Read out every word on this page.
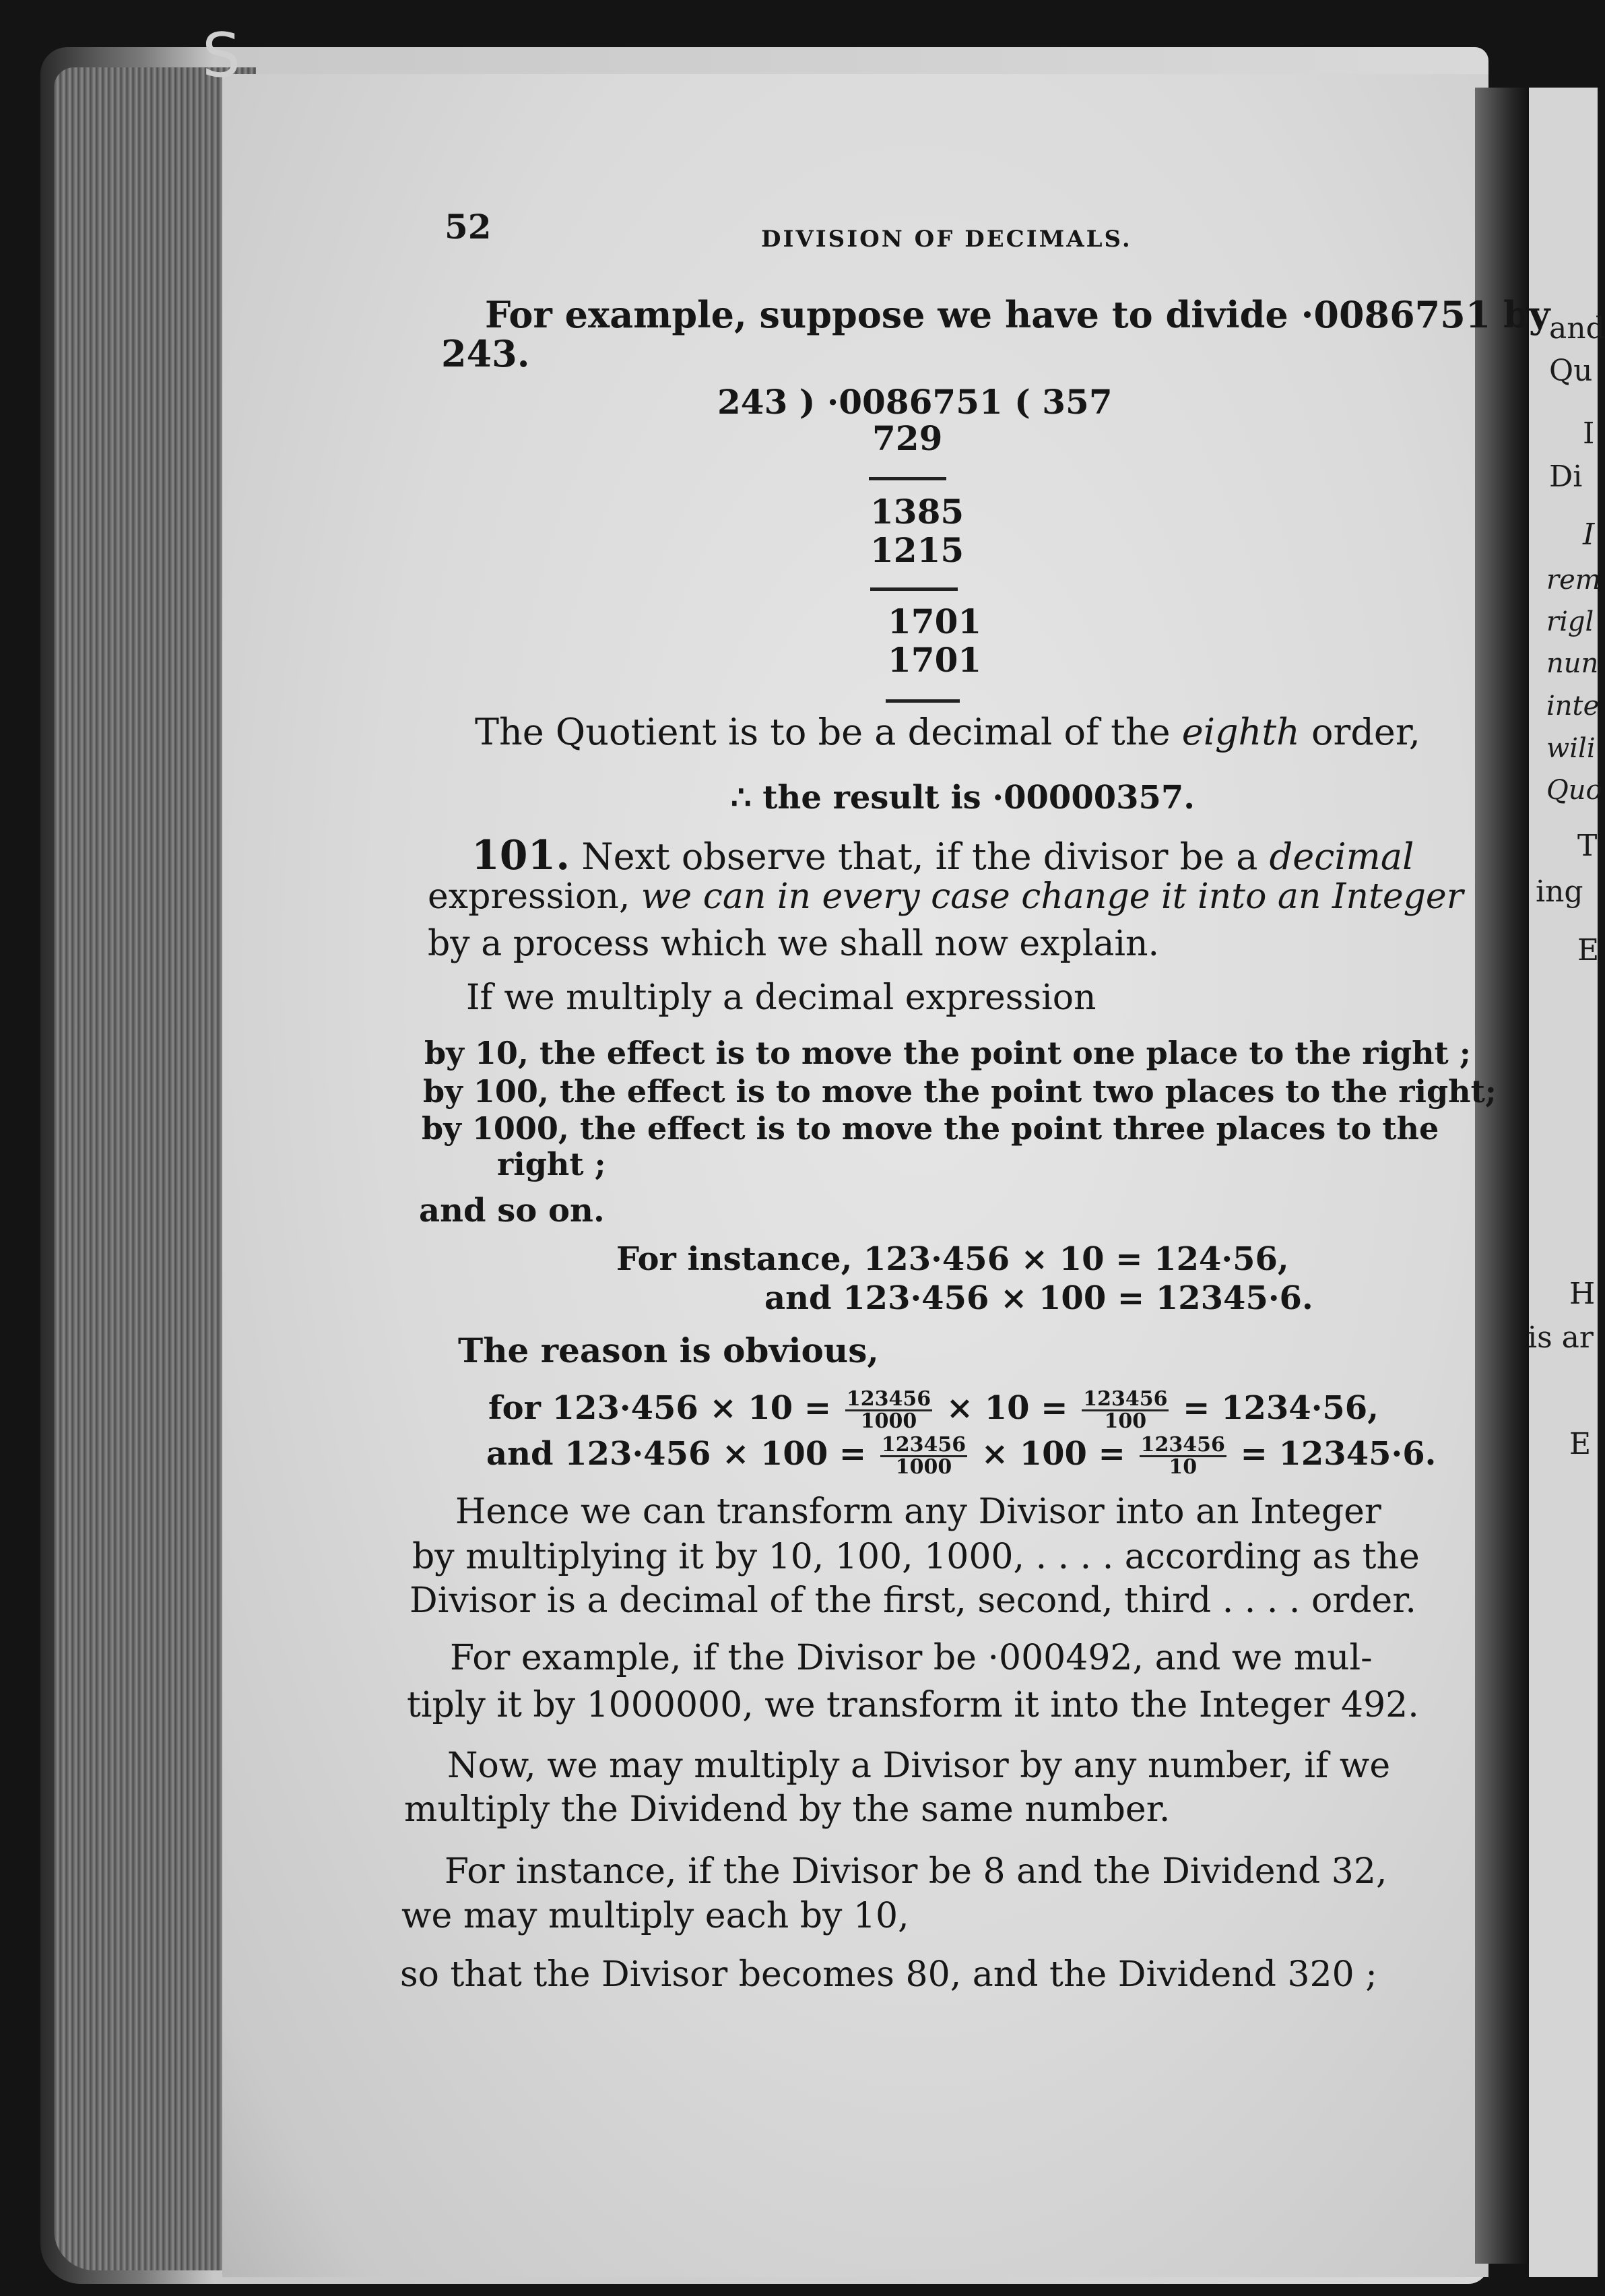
S
52	DIVISION OF DECIMALS.
For example, suppose we have to divide ·0086751 by
243.
243 ) ·0086751 ( 357
729
1385
1215
1701
1701
The Quotient is to be a decimal of the eighth order,
∴ the result is ·00000357.
101. Next observe that, if the divisor be a decimal
expression, we can in every case change it into an Integer
by a process which we shall now explain.
If we multiply a decimal expression
by 10, the effect is to move the point one place to the right ;
by 100, the effect is to move the point two places to the right;
by 1000, the effect is to move the point three places to the
right ;
and so on.
For instance, 123·456 × 10 = 124·56,
and 123·456 × 100 = 12345·6.
The reason is obvious,
for $123\cdot 456 \times 10 = \frac{123456}{1000} \times 10 = \frac{123456}{100} = 1234\cdot 56$,
and $123\cdot 456 \times 100 = \frac{123456}{1000} \times 100 = \frac{123456}{10} = 12345\cdot 6$.
Hence we can transform any Divisor into an Integer
by multiplying it by 10, 100, 1000, . . . . according as the
Divisor is a decimal of the first, second, third . . . . order.
For example, if the Divisor be ·000492, and we mul-
tiply it by 1000000, we transform it into the Integer 492.
Now, we may multiply a Divisor by any number, if we
multiply the Dividend by the same number.
For instance, if the Divisor be 8 and the Dividend 32,
we may multiply each by 10,
so that the Divisor becomes 80, and the Dividend 320 ;
and
Qu
I
Di
I
rem
rigl
nun
inte
wili
Quo
T
ing
E
H
is ar
E
